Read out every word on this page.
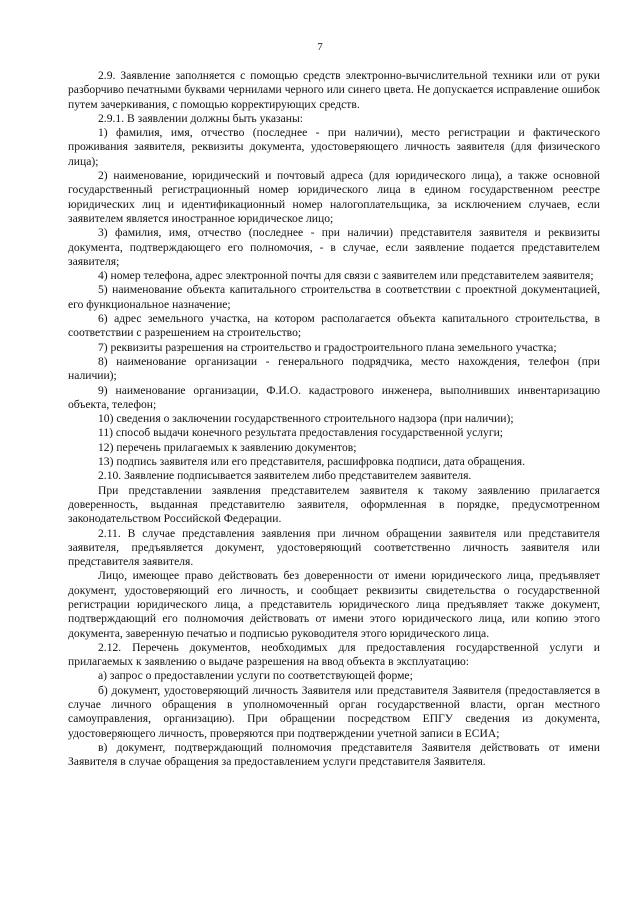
7

2.9. Заявление заполняется с помощью средств электронно-вычислительной техники или от руки разборчиво печатными буквами чернилами черного или синего цвета. Не допускается исправление ошибок путем зачеркивания, с помощью корректирующих средств.

2.9.1. В заявлении должны быть указаны:

1) фамилия, имя, отчество (последнее - при наличии), место регистрации и фактического проживания заявителя, реквизиты документа, удостоверяющего личность заявителя (для физического лица);

2) наименование, юридический и почтовый адреса (для юридического лица), а также основной государственный регистрационный номер юридического лица в едином государственном реестре юридических лиц и идентификационный номер налогоплательщика, за исключением случаев, если заявителем является иностранное юридическое лицо;

3) фамилия, имя, отчество (последнее - при наличии) представителя заявителя и реквизиты документа, подтверждающего его полномочия, - в случае, если заявление подается представителем заявителя;

4) номер телефона, адрес электронной почты для связи с заявителем или представителем заявителя;

5) наименование объекта капитального строительства в соответствии с проектной документацией, его функциональное назначение;

6) адрес земельного участка, на котором располагается объекта капитального строительства, в соответствии с разрешением на строительство;

7) реквизиты разрешения на строительство и градостроительного плана земельного участка;

8) наименование организации - генерального подрядчика, место нахождения, телефон (при наличии);

9) наименование организации, Ф.И.О. кадастрового инженера, выполнивших инвентаризацию объекта, телефон;

10) сведения о заключении государственного строительного надзора (при наличии);

11) способ выдачи конечного результата предоставления государственной услуги;

12) перечень прилагаемых к заявлению документов;

13) подпись заявителя или его представителя, расшифровка подписи, дата обращения.

2.10. Заявление подписывается заявителем либо представителем заявителя.

При представлении заявления представителем заявителя к такому заявлению прилагается доверенность, выданная представителю заявителя, оформленная в порядке, предусмотренном законодательством Российской Федерации.

2.11. В случае представления заявления при личном обращении заявителя или представителя заявителя, предъявляется документ, удостоверяющий соответственно личность заявителя или представителя заявителя.

Лицо, имеющее право действовать без доверенности от имени юридического лица, предъявляет документ, удостоверяющий его личность, и сообщает реквизиты свидетельства о государственной регистрации юридического лица, а представитель юридического лица предъявляет также документ, подтверждающий его полномочия действовать от имени этого юридического лица, или копию этого документа, заверенную печатью и подписью руководителя этого юридического лица.

2.12. Перечень документов, необходимых для предоставления государственной услуги и прилагаемых к заявлению о выдаче разрешения на ввод объекта в эксплуатацию:

а) запрос о предоставлении услуги по соответствующей форме;

б) документ, удостоверяющий личность Заявителя или представителя Заявителя (предоставляется в случае личного обращения в уполномоченный орган государственной власти, орган местного самоуправления, организацию). При обращении посредством ЕПГУ сведения из документа, удостоверяющего личность, проверяются при подтверждении учетной записи в ЕСИА;

в) документ, подтверждающий полномочия представителя Заявителя действовать от имени Заявителя в случае обращения за предоставлением услуги представителя Заявителя.
